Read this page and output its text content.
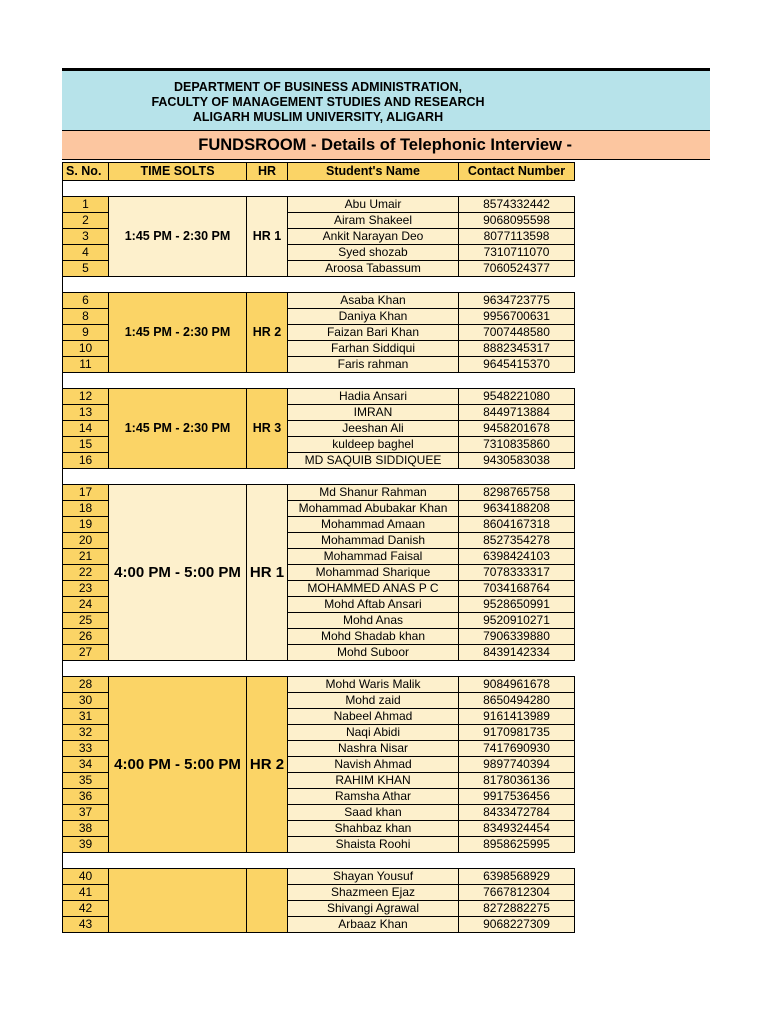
DEPARTMENT OF BUSINESS ADMINISTRATION,
FACULTY OF MANAGEMENT STUDIES AND RESEARCH
ALIGARH MUSLIM UNIVERSITY, ALIGARH
FUNDSROOM - Details of Telephonic Interview -
S. No.	TIME SOLTS	HR	Student's Name	Contact Number

1	1:45 PM - 2:30 PM	HR 1	Abu Umair	8574332442
2			Airam Shakeel	9068095598
3			Ankit Narayan Deo	8077113598
4			Syed shozab	7310711070
5			Aroosa Tabassum	7060524377

6	1:45 PM - 2:30 PM	HR 2	Asaba Khan	9634723775
8			Daniya Khan	9956700631
9			Faizan Bari Khan	7007448580
10			Farhan Siddiqui	8882345317
11			Faris rahman	9645415370

12	1:45 PM - 2:30 PM	HR 3	Hadia Ansari	9548221080
13			IMRAN	8449713884
14			Jeeshan Ali	9458201678
15			kuldeep baghel	7310835860
16			MD SAQUIB SIDDIQUEE	9430583038

17	4:00 PM - 5:00 PM	HR 1	Md Shanur Rahman	8298765758
18			Mohammad Abubakar Khan	9634188208
19			Mohammad Amaan	8604167318
20			Mohammad Danish	8527354278
21			Mohammad Faisal	6398424103
22			Mohammad Sharique	7078333317
23			MOHAMMED ANAS P C	7034168764
24			Mohd Aftab Ansari	9528650991
25			Mohd Anas	9520910271
26			Mohd Shadab khan	7906339880
27			Mohd Suboor	8439142334

28	4:00 PM - 5:00 PM	HR 2	Mohd Waris Malik	9084961678
30			Mohd zaid	8650494280
31			Nabeel Ahmad	9161413989
32			Naqi Abidi	9170981735
33			Nashra Nisar	7417690930
34			Navish Ahmad	9897740394
35			RAHIM KHAN	8178036136
36			Ramsha Athar	9917536456
37			Saad khan	8433472784
38			Shahbaz khan	8349324454
39			Shaista Roohi	8958625995

40			Shayan Yousuf	6398568929
41			Shazmeen Ejaz	7667812304
42			Shivangi Agrawal	8272882275
43			Arbaaz Khan	9068227309
